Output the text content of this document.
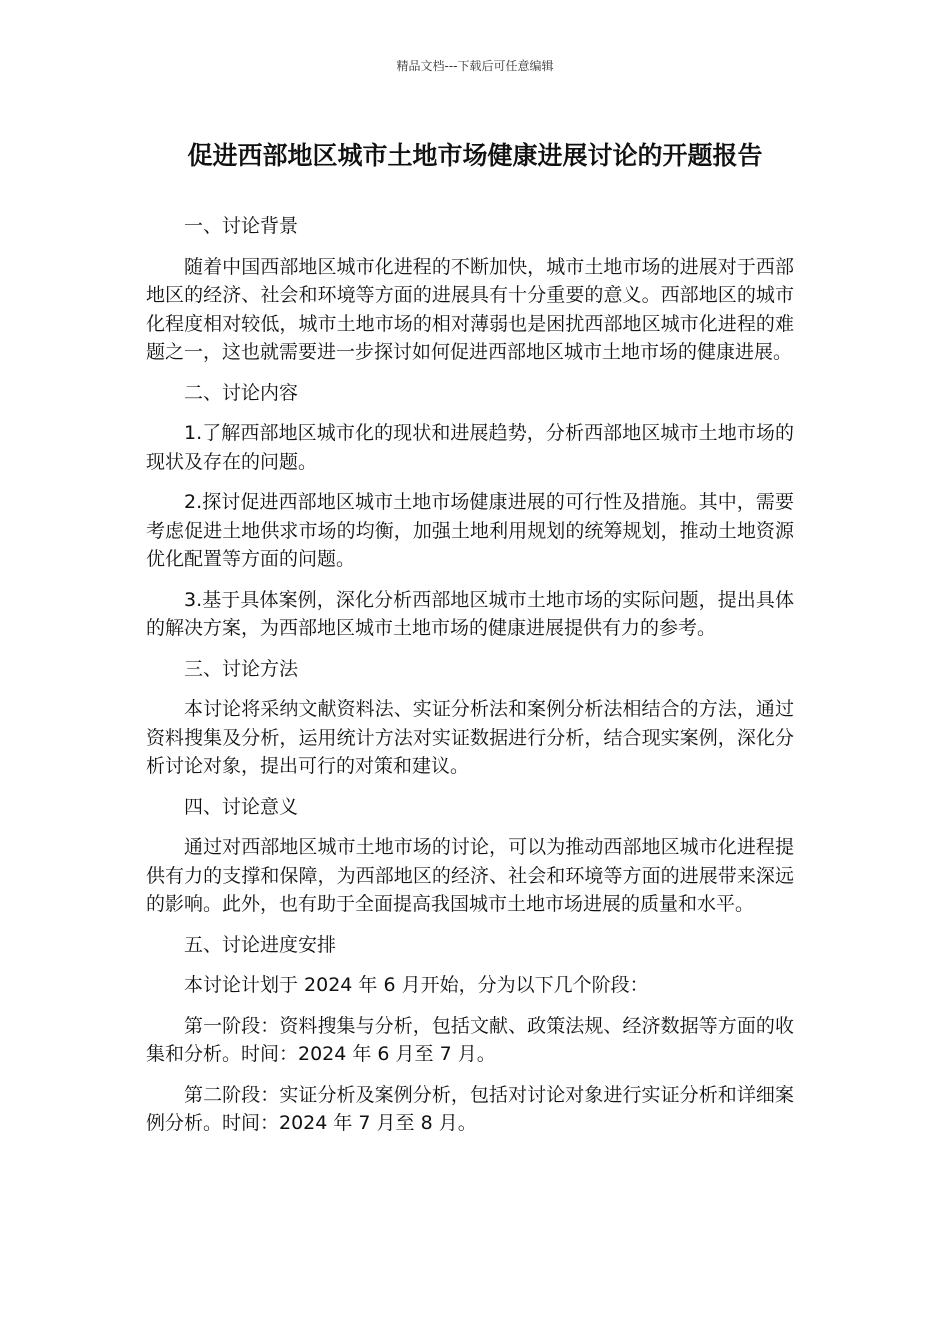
精品文档---下载后可任意编辑
促进西部地区城市土地市场健康进展讨论的开题报告

一、讨论背景

随着中国西部地区城市化进程的不断加快，城市土地市场的进展对于西部地区的经济、社会和环境等方面的进展具有十分重要的意义。西部地区的城市化程度相对较低，城市土地市场的相对薄弱也是困扰西部地区城市化进程的难题之一，这也就需要进一步探讨如何促进西部地区城市土地市场的健康进展。

二、讨论内容

1.了解西部地区城市化的现状和进展趋势，分析西部地区城市土地市场的现状及存在的问题。

2.探讨促进西部地区城市土地市场健康进展的可行性及措施。其中，需要考虑促进土地供求市场的均衡，加强土地利用规划的统筹规划，推动土地资源优化配置等方面的问题。

3.基于具体案例，深化分析西部地区城市土地市场的实际问题，提出具体的解决方案，为西部地区城市土地市场的健康进展提供有力的参考。

三、讨论方法

本讨论将采纳文献资料法、实证分析法和案例分析法相结合的方法，通过资料搜集及分析，运用统计方法对实证数据进行分析，结合现实案例，深化分析讨论对象，提出可行的对策和建议。

四、讨论意义

通过对西部地区城市土地市场的讨论，可以为推动西部地区城市化进程提供有力的支撑和保障，为西部地区的经济、社会和环境等方面的进展带来深远的影响。此外，也有助于全面提高我国城市土地市场进展的质量和水平。

五、讨论进度安排

本讨论计划于 2024 年 6 月开始，分为以下几个阶段：

第一阶段：资料搜集与分析，包括文献、政策法规、经济数据等方面的收集和分析。时间：2024 年 6 月至 7 月。

第二阶段：实证分析及案例分析，包括对讨论对象进行实证分析和详细案例分析。时间：2024 年 7 月至 8 月。
